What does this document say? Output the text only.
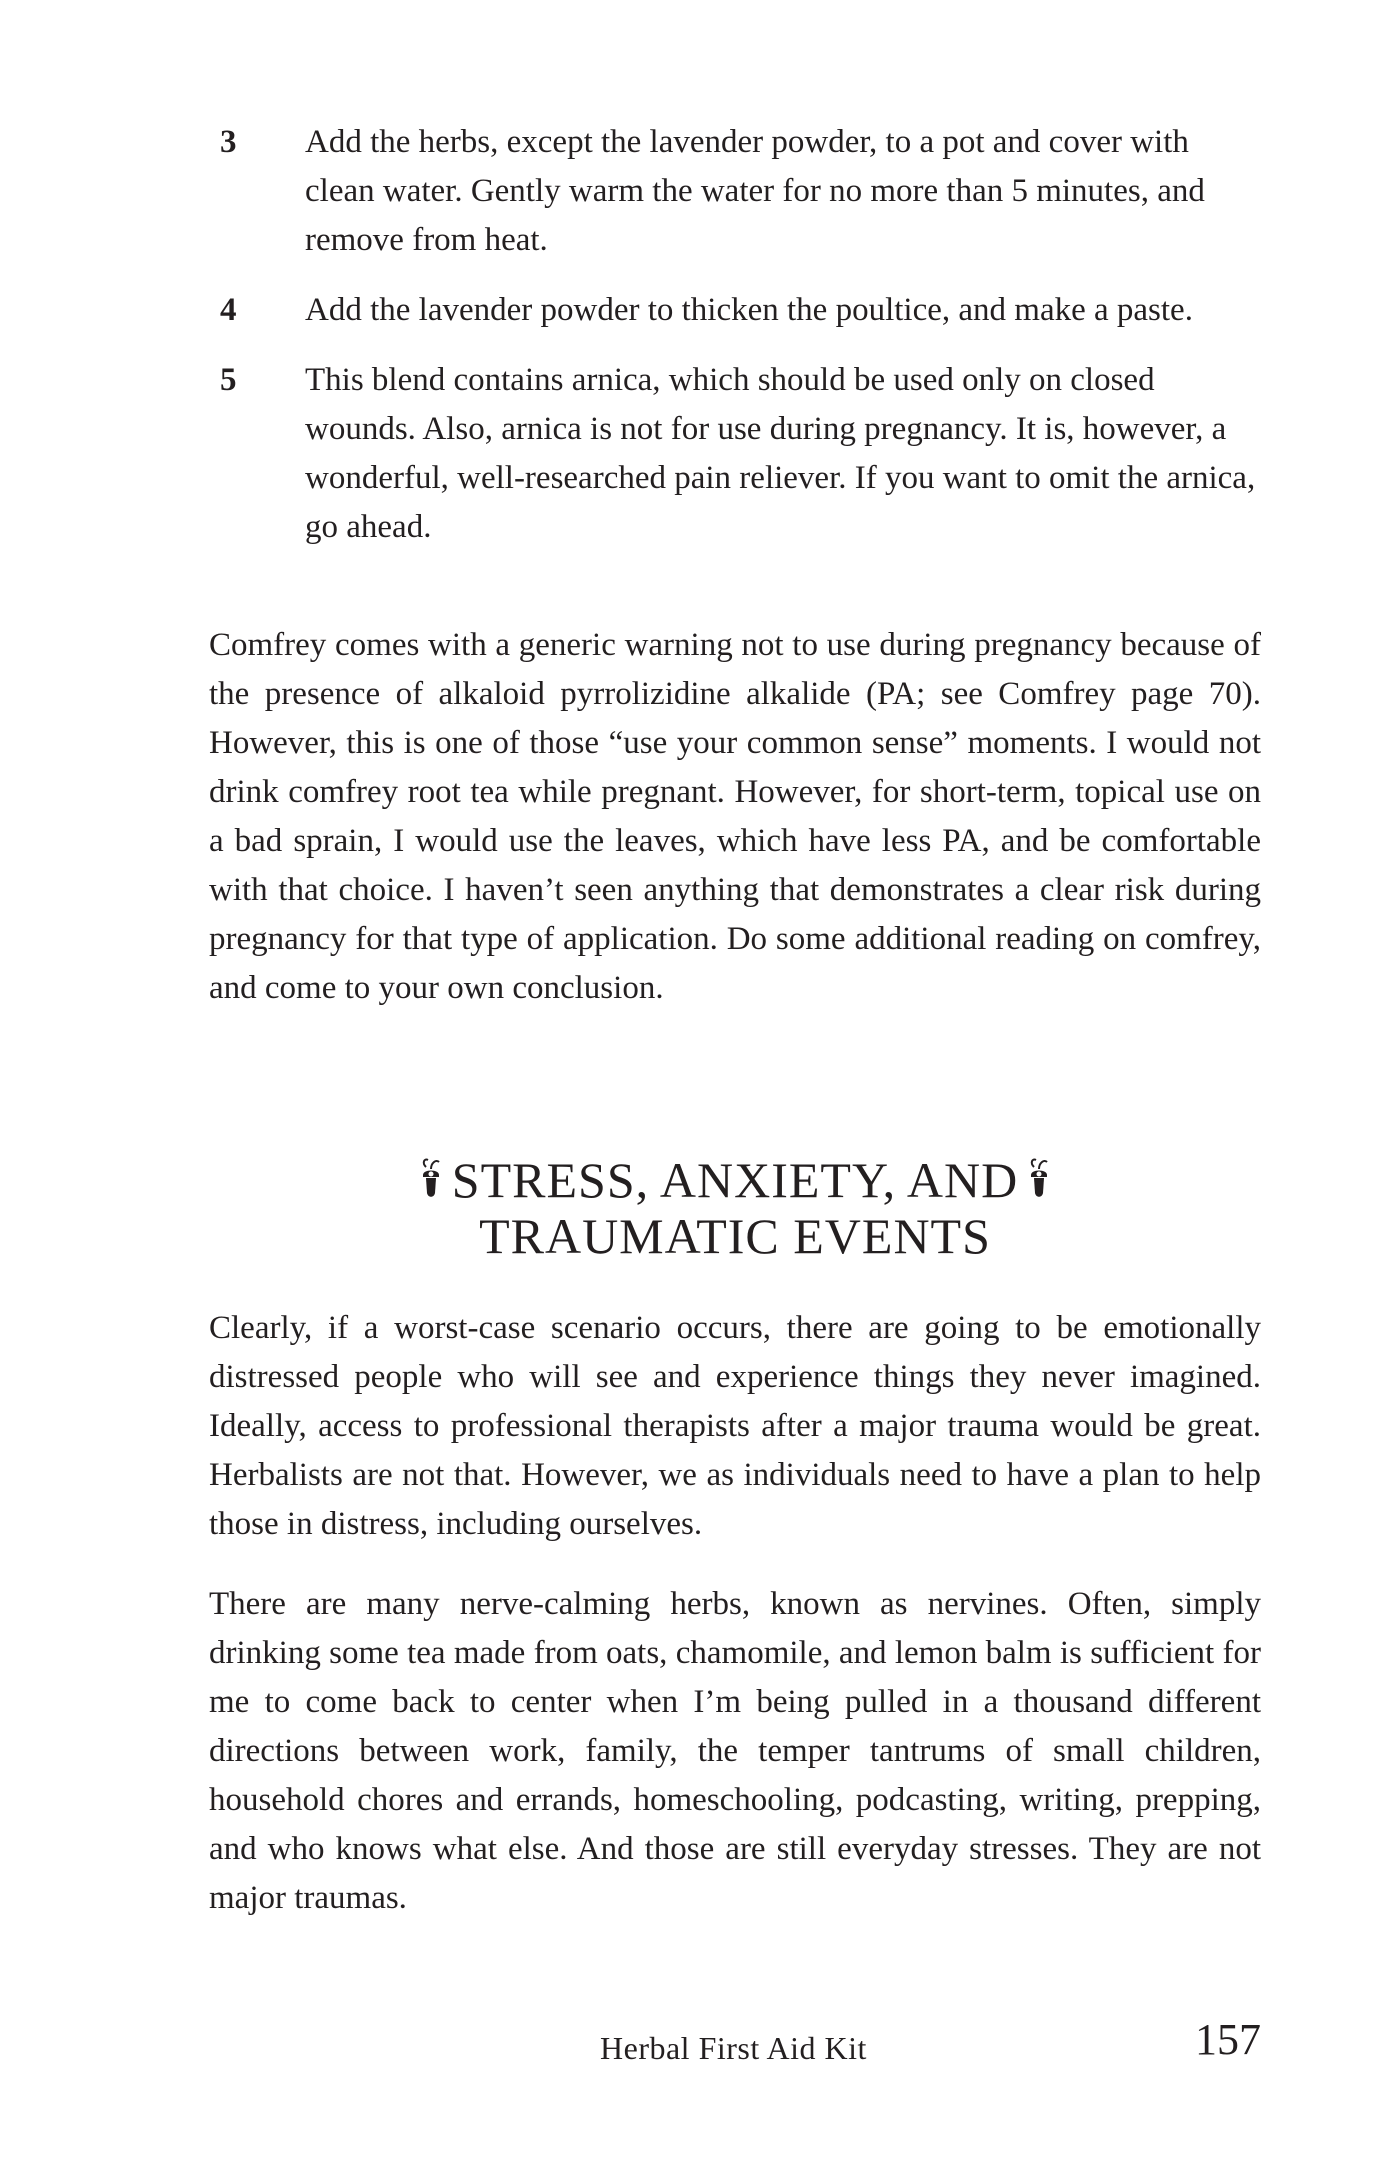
3	Add the herbs, except the lavender powder, to a pot and cover with clean water. Gently warm the water for no more than 5 minutes, and remove from heat.
4	Add the lavender powder to thicken the poultice, and make a paste.
5	This blend contains arnica, which should be used only on closed wounds. Also, arnica is not for use during pregnancy. It is, however, a wonderful, well-researched pain reliever. If you want to omit the arnica, go ahead.

Comfrey comes with a generic warning not to use during pregnancy because of the presence of alkaloid pyrrolizidine alkalide (PA; see Comfrey page 70). However, this is one of those “use your common sense” moments. I would not drink comfrey root tea while pregnant. However, for short-term, topical use on a bad sprain, I would use the leaves, which have less PA, and be comfortable with that choice. I haven’t seen anything that demonstrates a clear risk during pregnancy for that type of application. Do some additional reading on comfrey, and come to your own conclusion.

STRESS, ANXIETY, AND
TRAUMATIC EVENTS

Clearly, if a worst-case scenario occurs, there are going to be emotionally distressed people who will see and experience things they never imagined. Ideally, access to professional therapists after a major trauma would be great. Herbalists are not that. However, we as individuals need to have a plan to help those in distress, including ourselves.

There are many nerve-calming herbs, known as nervines. Often, simply drinking some tea made from oats, chamomile, and lemon balm is sufficient for me to come back to center when I’m being pulled in a thousand different directions between work, family, the temper tantrums of small children, household chores and errands, homeschooling, podcasting, writing, prepping, and who knows what else. And those are still everyday stresses. They are not major traumas.

Herbal First Aid Kit	157
